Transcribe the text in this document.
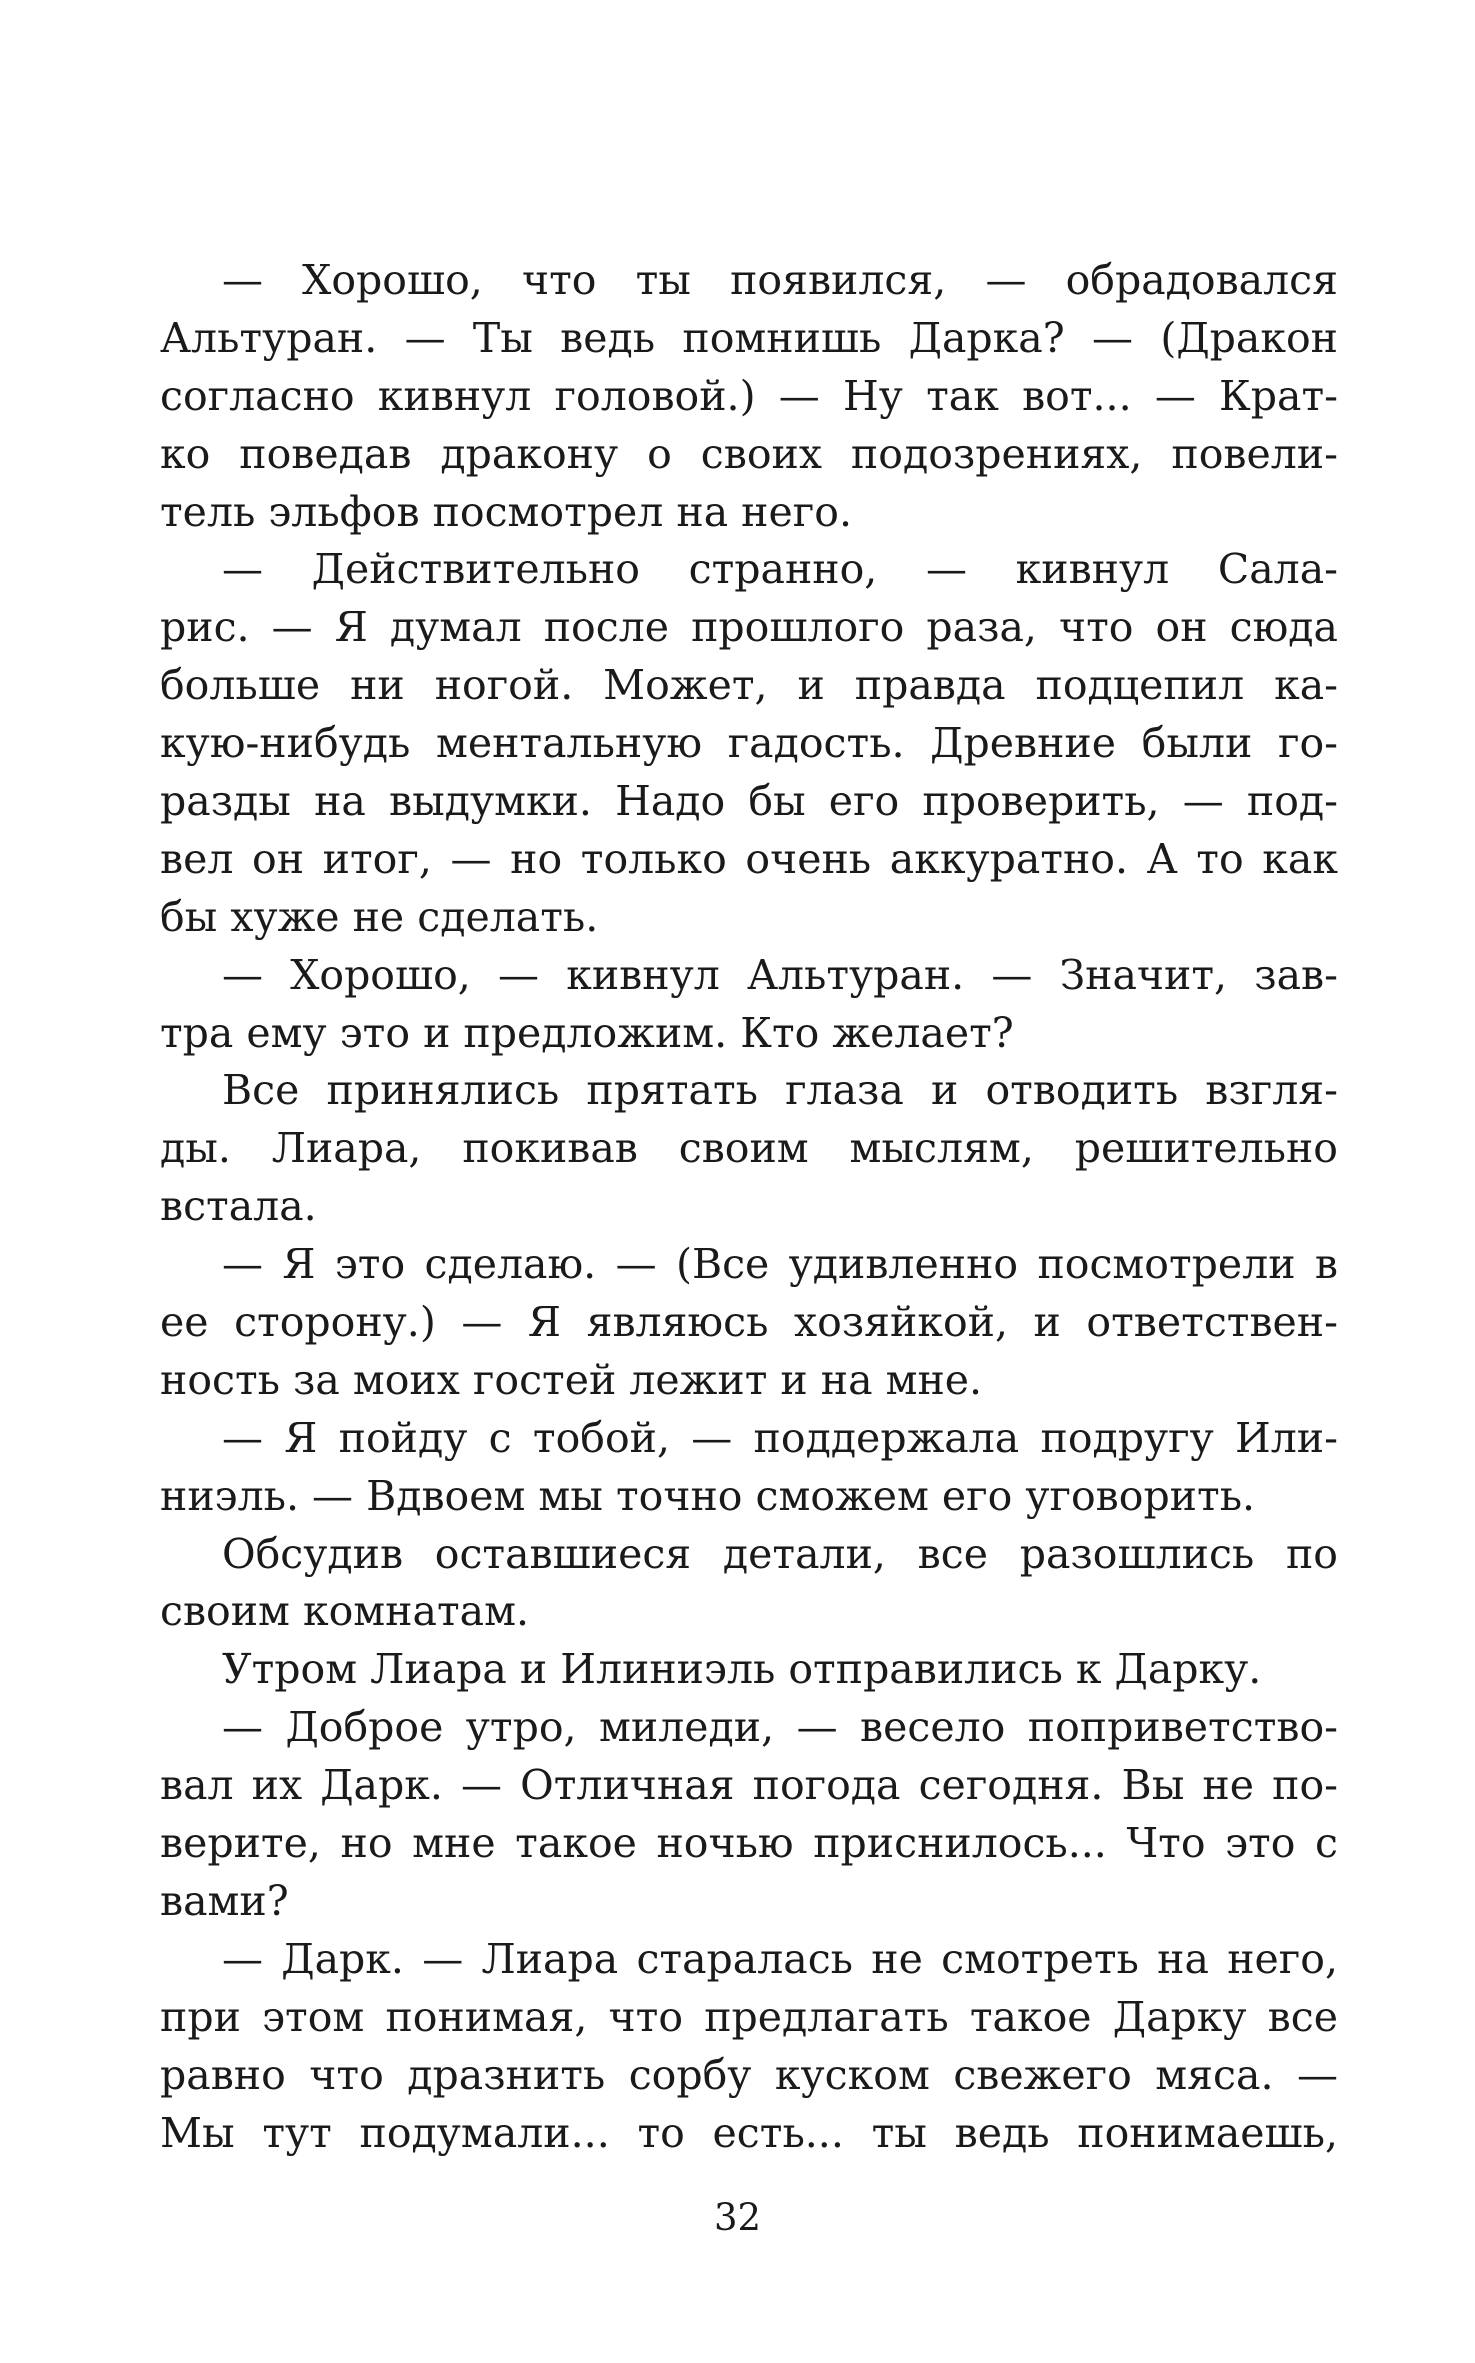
— Хорошо, что ты появился, — обрадовался
Альтуран. — Ты ведь помнишь Дарка? — (Дракон
согласно кивнул головой.) — Ну так вот... — Крат-
ко поведав дракону о своих подозрениях, повели-
тель эльфов посмотрел на него.
— Действительно странно, — кивнул Сала-
рис. — Я думал после прошлого раза, что он сюда
больше ни ногой. Может, и правда подцепил ка-
кую-нибудь ментальную гадость. Древние были го-
разды на выдумки. Надо бы его проверить, — под-
вел он итог, — но только очень аккуратно. А то как
бы хуже не сделать.
— Хорошо, — кивнул Альтуран. — Значит, зав-
тра ему это и предложим. Кто желает?
Все принялись прятать глаза и отводить взгля-
ды. Лиара, покивав своим мыслям, решительно
встала.
— Я это сделаю. — (Все удивленно посмотрели в
ее сторону.) — Я являюсь хозяйкой, и ответствен-
ность за моих гостей лежит и на мне.
— Я пойду с тобой, — поддержала подругу Или-
ниэль. — Вдвоем мы точно сможем его уговорить.
Обсудив оставшиеся детали, все разошлись по
своим комнатам.
Утром Лиара и Илиниэль отправились к Дарку.
— Доброе утро, миледи, — весело поприветство-
вал их Дарк. — Отличная погода сегодня. Вы не по-
верите, но мне такое ночью приснилось... Что это с
вами?
— Дарк. — Лиара старалась не смотреть на него,
при этом понимая, что предлагать такое Дарку все
равно что дразнить сорбу куском свежего мяса. —
Мы тут подумали... то есть... ты ведь понимаешь,
32
